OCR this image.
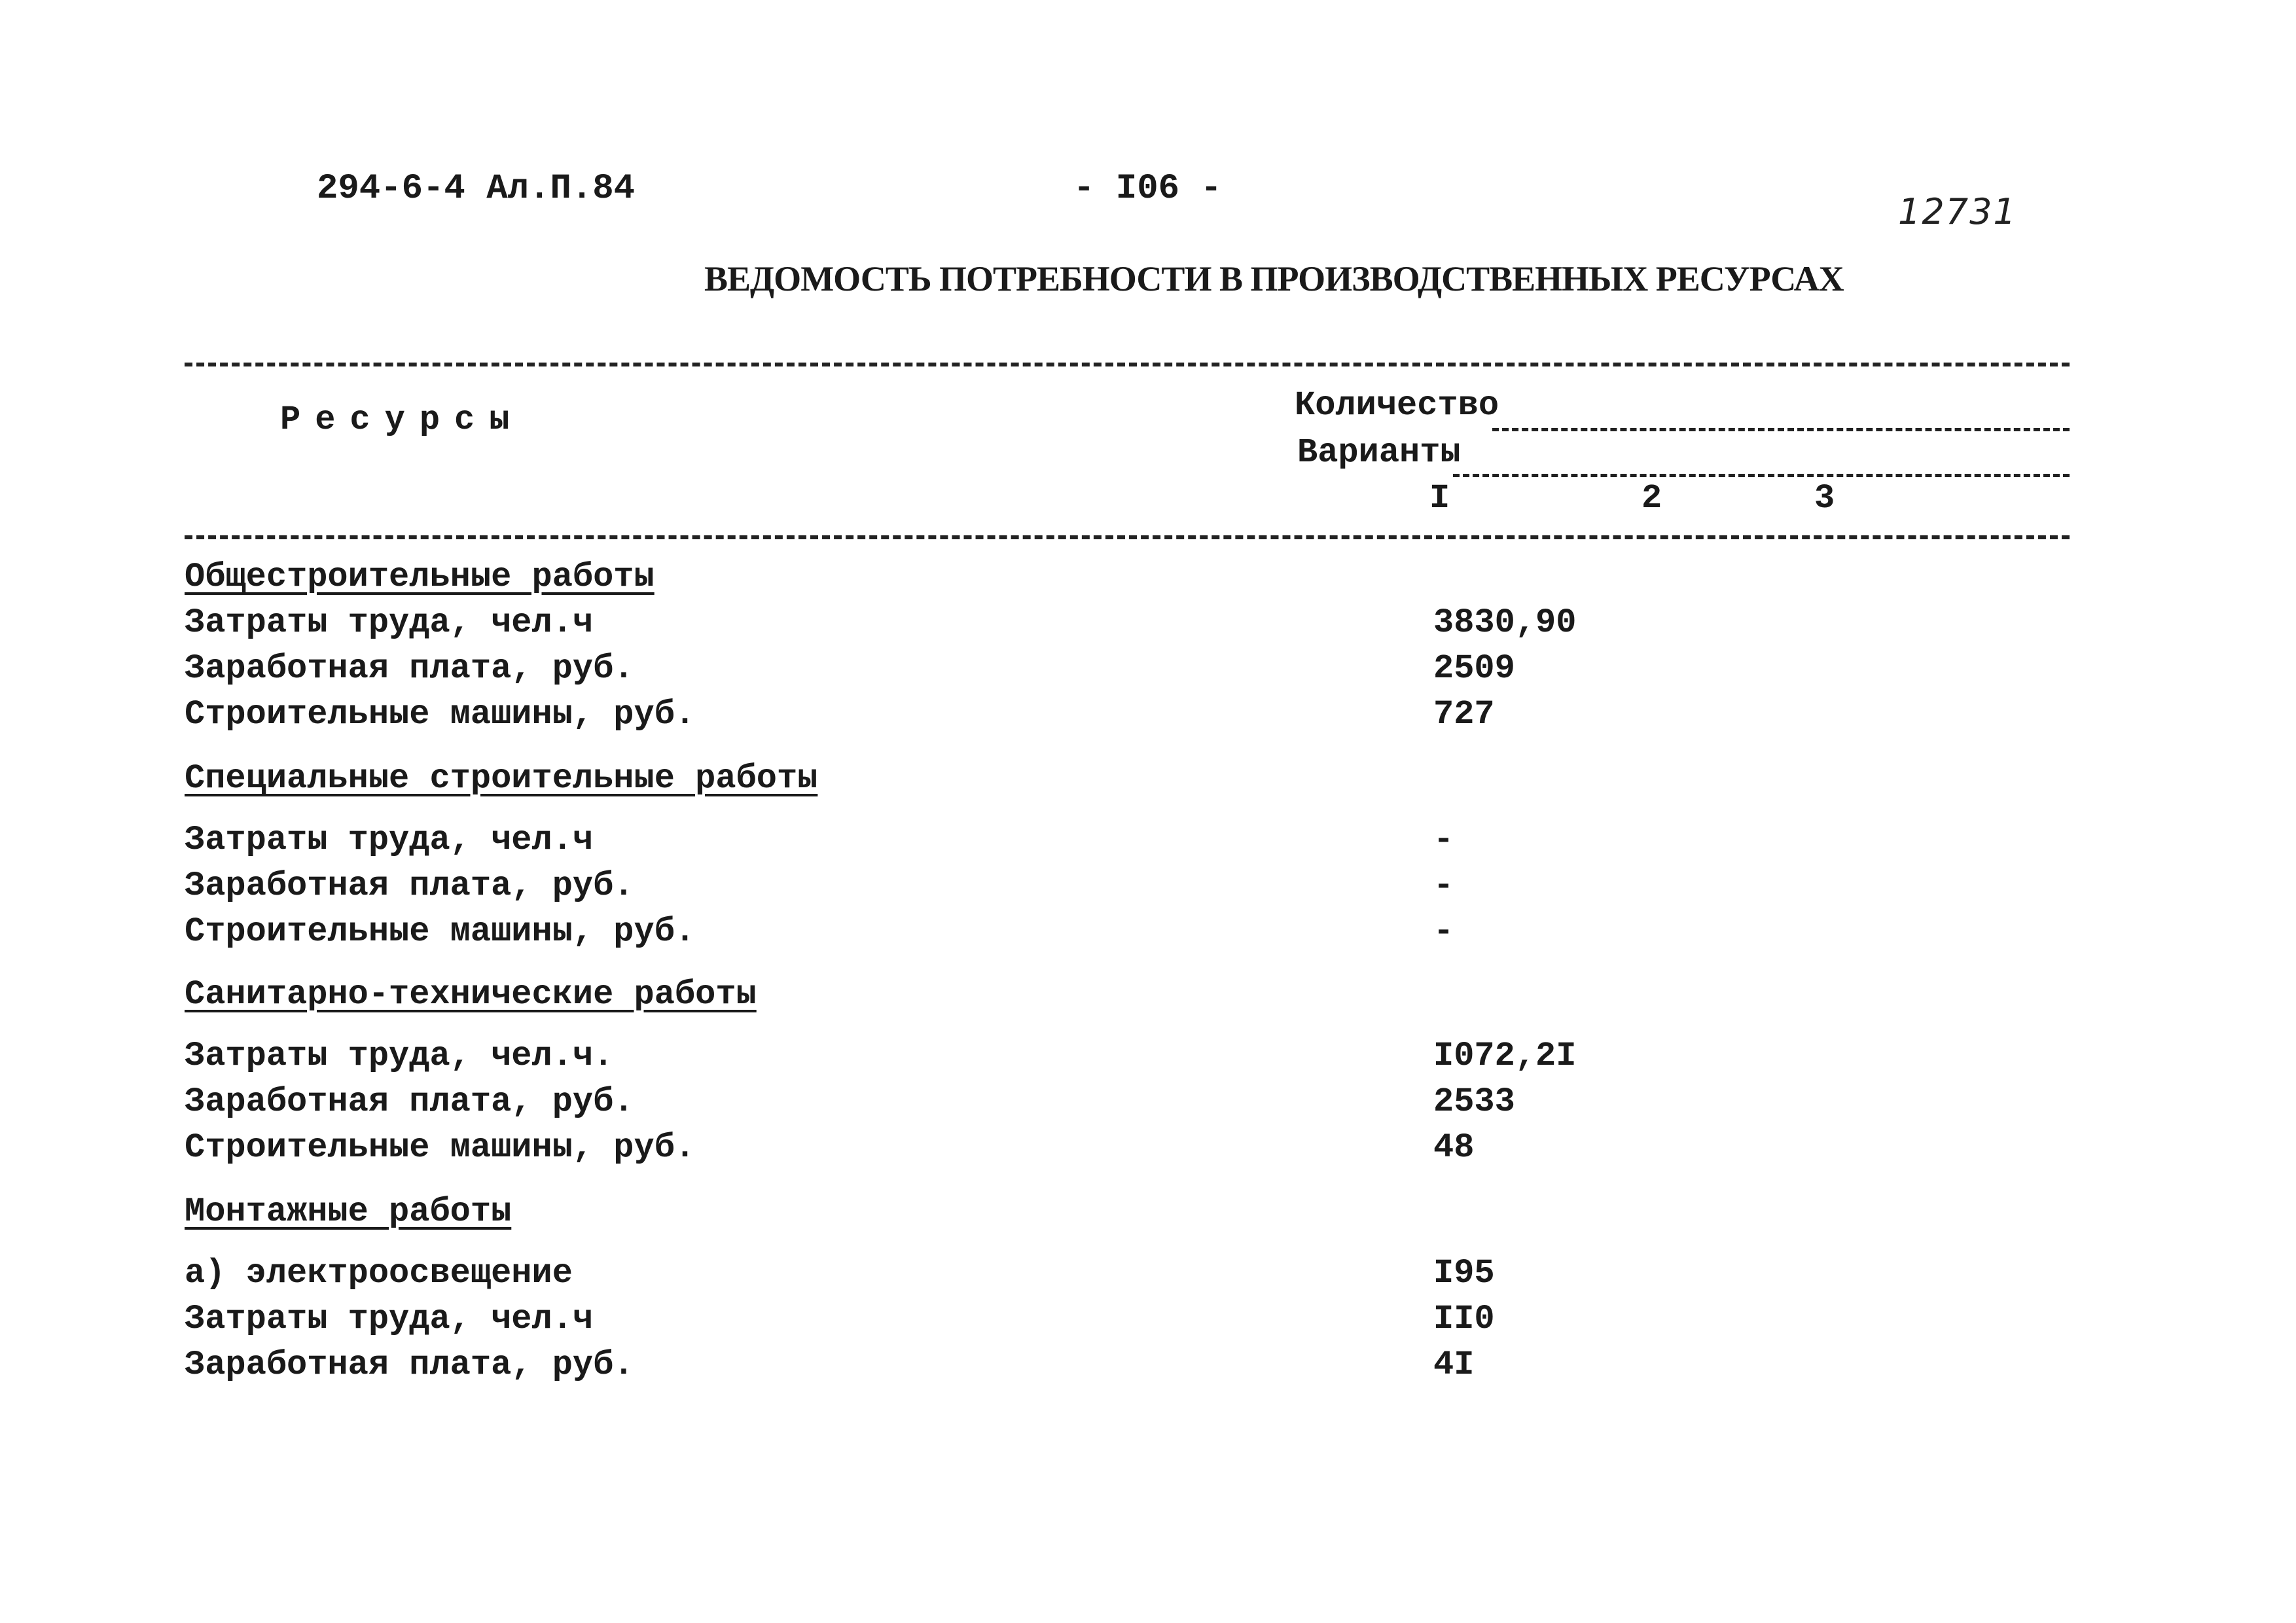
294-6-4 Ал.П.84	- I06 -
12731
ВЕДОМОСТЬ ПОТРЕБНОСТИ В ПРОИЗВОДСТВЕННЫХ РЕСУРСАХ
Ресурсы	Количество
Варианты
I	2	3
Общестроительные работы
Затраты труда, чел.ч	3830,90
Заработная плата, руб.	2509
Строительные машины, руб.	727
Специальные строительные работы
Затраты труда, чел.ч	-
Заработная плата, руб.	-
Строительные машины, руб.	-
Санитарно-технические работы
Затраты труда, чел.ч.	I072,2I
Заработная плата, руб.	2533
Строительные машины, руб.	48
Монтажные работы
а) электроосвещение	I95
Затраты труда, чел.ч	II0
Заработная плата, руб.	4I
